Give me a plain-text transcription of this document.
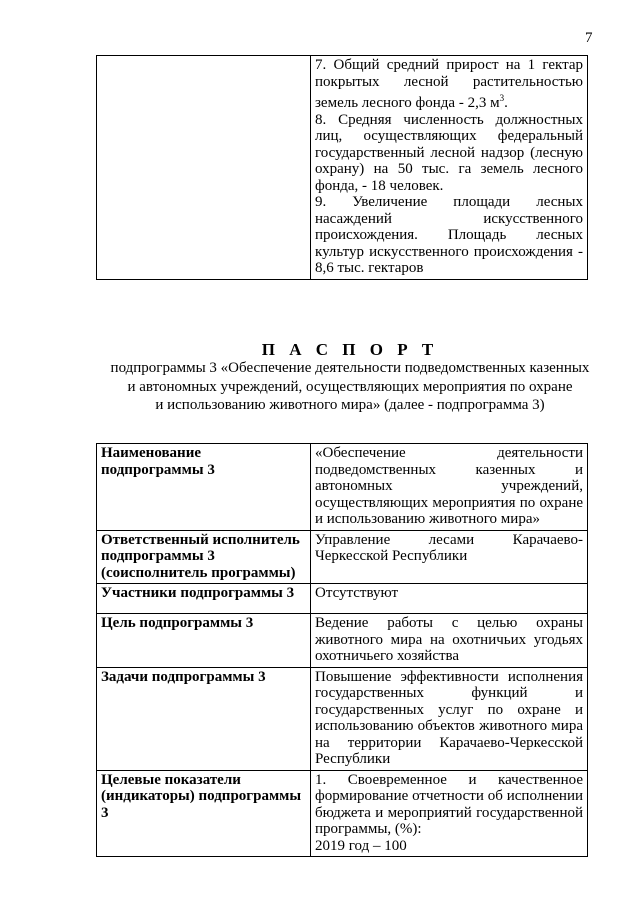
7

7. Общий средний прирост на 1 гектар покрытых лесной растительностью земель лесного фонда - 2,3 $м^3$.
8. Средняя численность должностных лиц, осуществляющих федеральный государственный лесной надзор (лесную охрану) на 50 тыс. га земель лесного фонда, - 18 человек.
9. Увеличение площади лесных насаждений искусственного происхождения. Площадь лесных культур искусственного происхождения - 8,6 тыс. гектаров
П А С П О Р Т
подпрограммы 3 «Обеспечение деятельности подведомственных казенных
и автономных учреждений, осуществляющих мероприятия по охране
и использованию животного мира» (далее - подпрограмма 3)
Наименование подпрограммы 3	«Обеспечение деятельности подведомственных казенных и автономных учреждений, осуществляющих мероприятия по охране и использованию животного мира»
Ответственный исполнитель подпрограммы 3 (соисполнитель программы)	Управление лесами Карачаево-Черкесской Республики
Участники подпрограммы 3	Отсутствуют
Цель подпрограммы 3	Ведение работы с целью охраны животного мира на охотничьих угодьях охотничьего хозяйства
Задачи подпрограммы 3	Повышение эффективности исполнения государственных функций и государственных услуг по охране и использованию объектов животного мира на территории Карачаево-Черкесской Республики
Целевые показатели (индикаторы) подпрограммы 3	1. Своевременное и качественное формирование отчетности об исполнении бюджета и мероприятий государственной программы, (%):
2019 год – 100
